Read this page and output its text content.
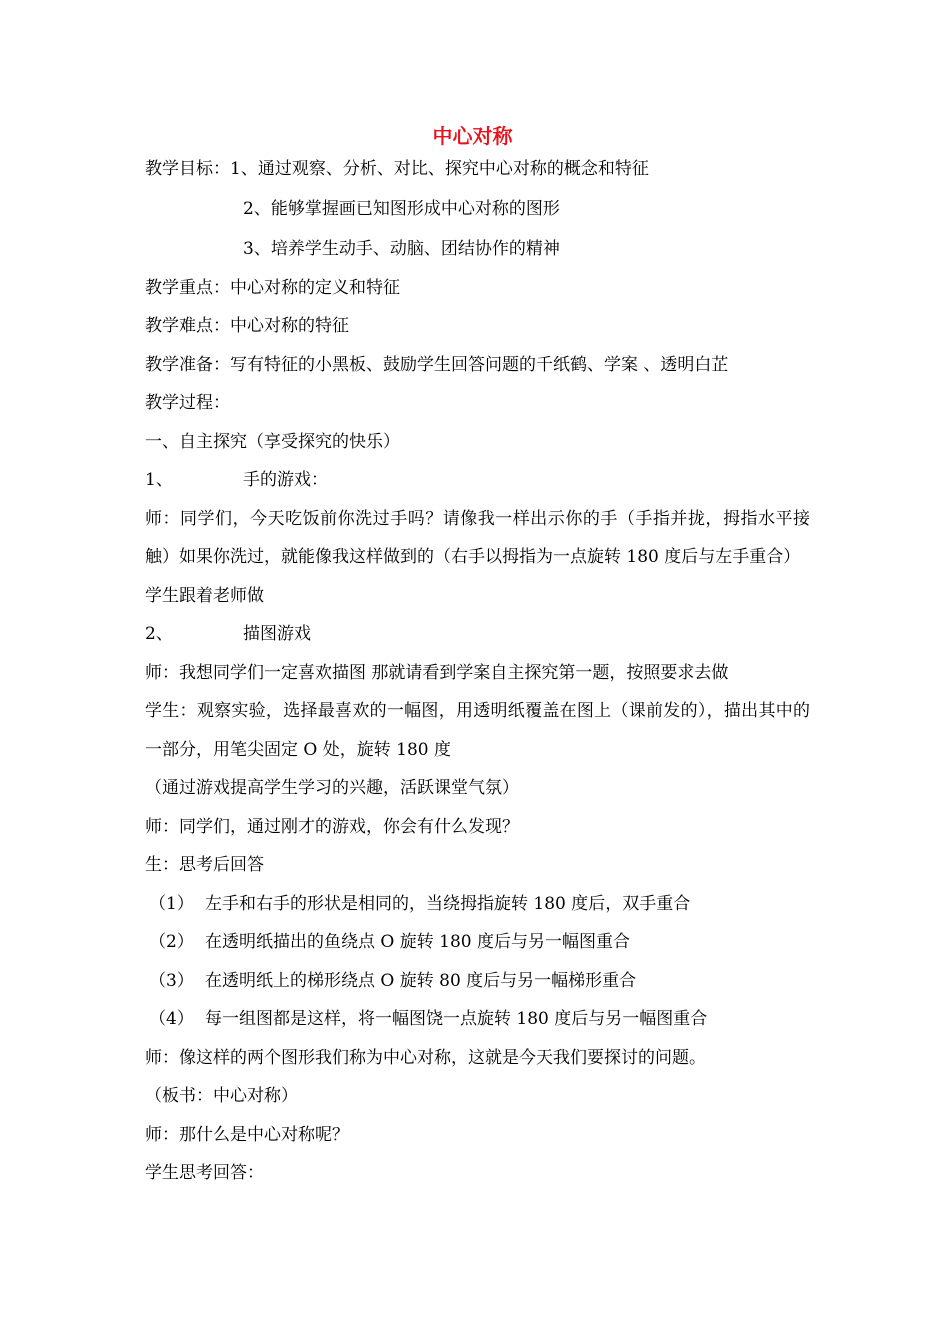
中心对称
教学目标：1、通过观察、分析、对比、探究中心对称的概念和特征
2、能够掌握画已知图形成中心对称的图形
3、培养学生动手、动脑、团结协作的精神
教学重点：中心对称的定义和特征
教学难点：中心对称的特征
教学准备：写有特征的小黑板、鼓励学生回答问题的千纸鹤、学案 、透明白芷
教学过程：
一、自主探究（享受探究的快乐）
1、	手的游戏：
师：同学们，今天吃饭前你洗过手吗？请像我一样出示你的手（手指并拢，拇指水平接触）如果你洗过，就能像我这样做到的（右手以拇指为一点旋转 180 度后与左手重合）
学生跟着老师做
2、	描图游戏
师：我想同学们一定喜欢描图 那就请看到学案自主探究第一题，按照要求去做
学生：观察实验，选择最喜欢的一幅图，用透明纸覆盖在图上（课前发的），描出其中的一部分，用笔尖固定 O 处，旋转 180 度
（通过游戏提高学生学习的兴趣，活跃课堂气氛）
师：同学们，通过刚才的游戏，你会有什么发现？
生：思考后回答
（1） 左手和右手的形状是相同的，当绕拇指旋转 180 度后，双手重合
（2） 在透明纸描出的鱼绕点 O 旋转 180 度后与另一幅图重合
（3） 在透明纸上的梯形绕点 O 旋转 80 度后与另一幅梯形重合
（4） 每一组图都是这样，将一幅图饶一点旋转 180 度后与另一幅图重合
师：像这样的两个图形我们称为中心对称，这就是今天我们要探讨的问题。
（板书：中心对称）
师：那什么是中心对称呢？
学生思考回答：
